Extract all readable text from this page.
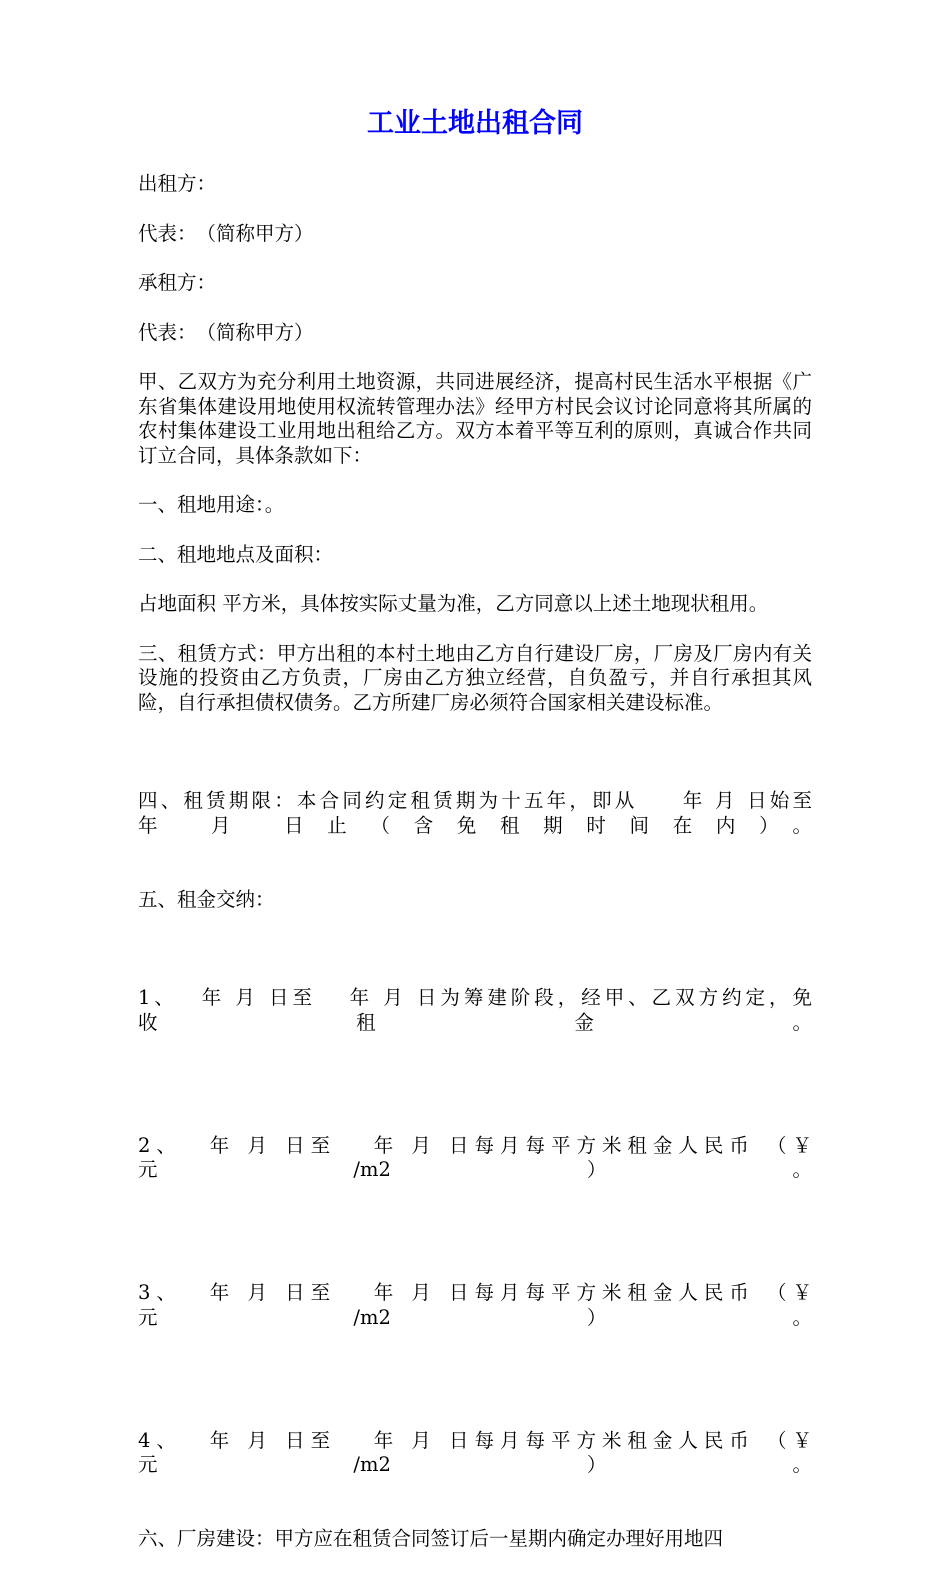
工业土地出租合同

出租方：

代表：　（简称甲方）

承租方：

代表：　（简称甲方）

甲、乙双方为充分利用土地资源，共同进展经济，提高村民生活水平根据《广东省集体建设用地使用权流转管理办法》经甲方村民会议讨论同意将其所属的农村集体建设工业用地出租给乙方。双方本着平等互利的原则，真诚合作共同订立合同，具体条款如下：

一、租地用途：。

二、租地地点及面积：

占地面积 平方米，具体按实际丈量为准，乙方同意以上述土地现状租用。

三、租赁方式：甲方出租的本村土地由乙方自行建设厂房，厂房及厂房内有关设施的投资由乙方负责，厂房由乙方独立经营，自负盈亏，并自行承担其风险，自行承担债权债务。乙方所建厂房必须符合国家相关建设标准。

四、租赁期限：本合同约定租赁期为十五年，即从　　年 月 日始至
年 月 日止（含免租期时间在内）。

五、租金交纳：

1、　 年 月 日至　 年 月 日为筹建阶段，经甲、乙双方约定，免
收租金。

2、　 年 月 日至　 年 月 日每月每平方米租金人民币 （￥
元/m2）。

3、　 年 月 日至　 年 月 日每月每平方米租金人民币 （￥
元/m2）。

4、　 年 月 日至　 年 月 日每月每平方米租金人民币 （￥
元/m2）。

六、厂房建设：甲方应在租赁合同签订后一星期内确定办理好用地四
